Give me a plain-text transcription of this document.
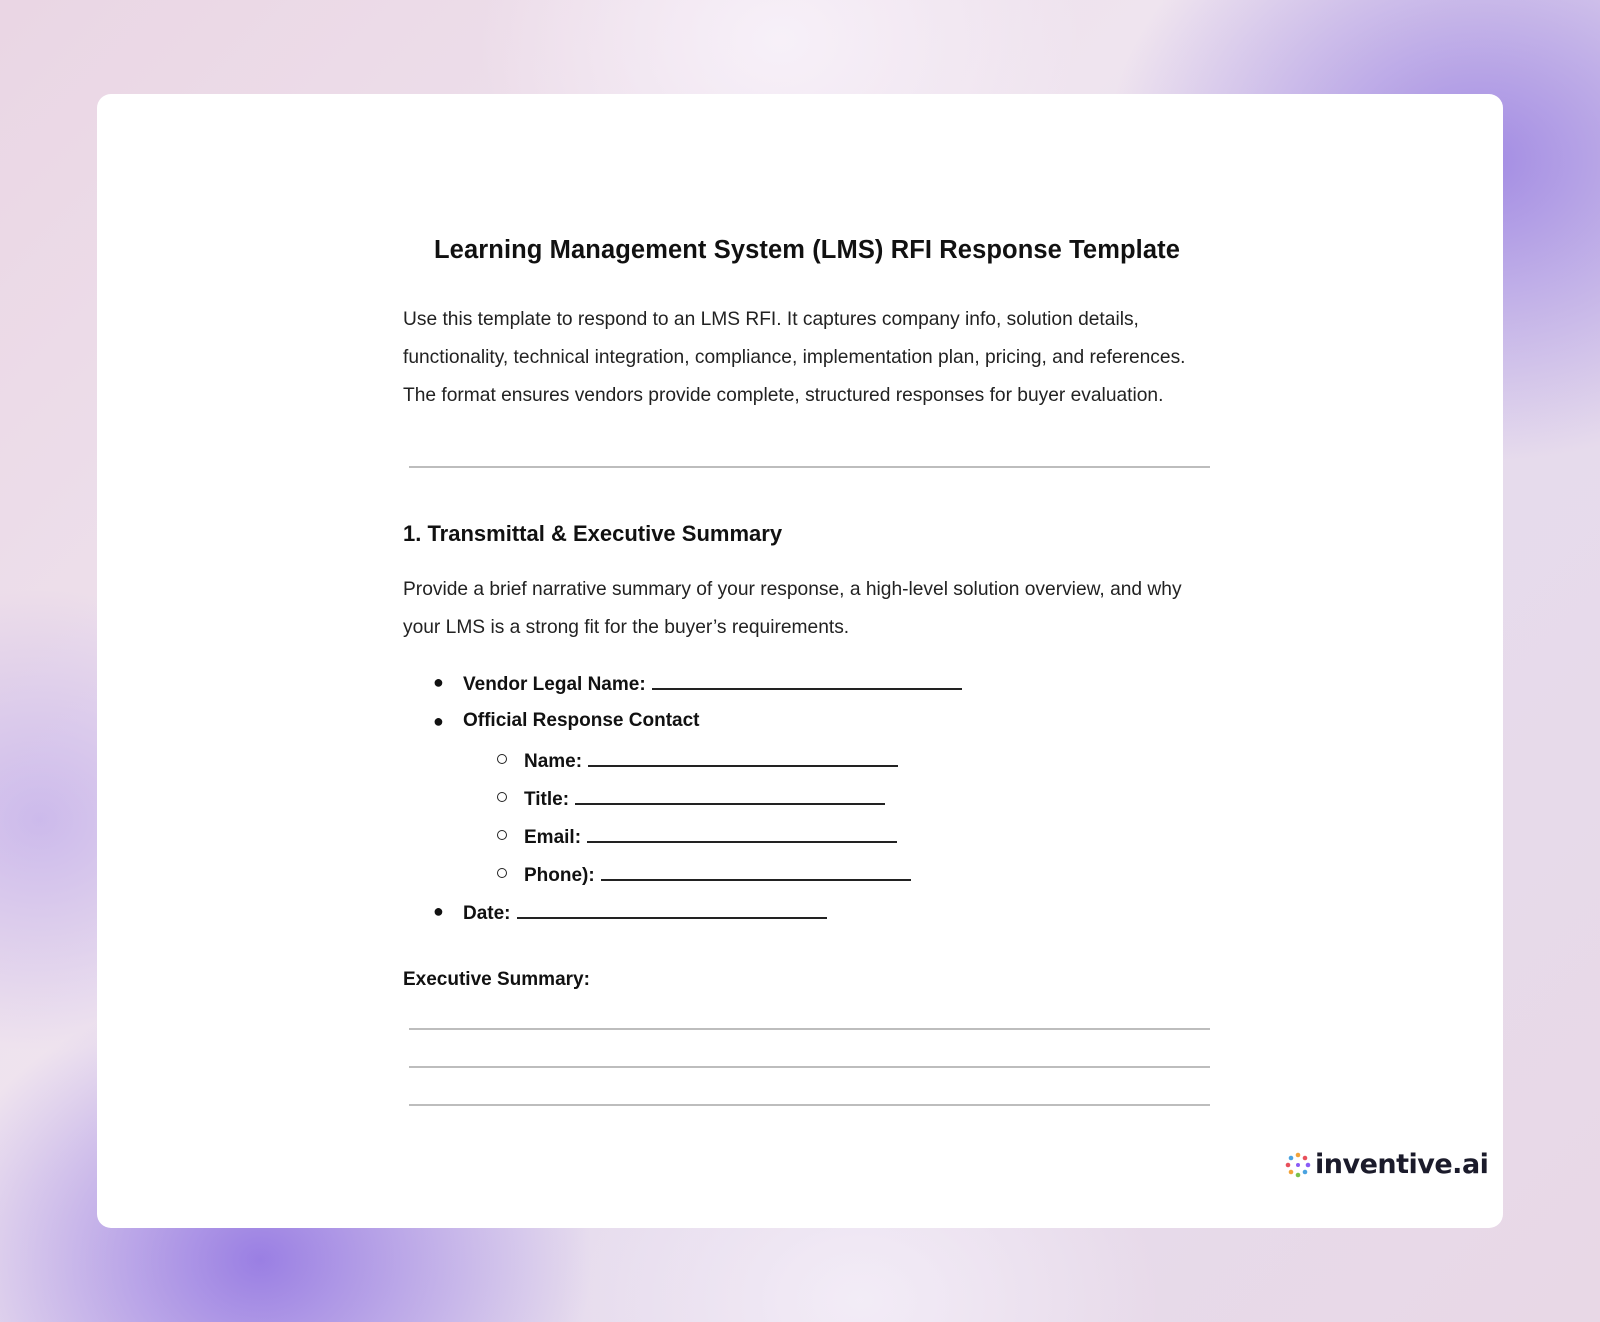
Learning Management System (LMS) RFI Response Template

Use this template to respond to an LMS RFI. It captures company info, solution details, functionality, technical integration, compliance, implementation plan, pricing, and references. The format ensures vendors provide complete, structured responses for buyer evaluation.

1. Transmittal & Executive Summary

Provide a brief narrative summary of your response, a high-level solution overview, and why your LMS is a strong fit for the buyer’s requirements.

● Vendor Legal Name:
● Official Response Contact
Name:
Title:
Email:
Phone):
● Date:
Executive Summary:
inventive.ai
